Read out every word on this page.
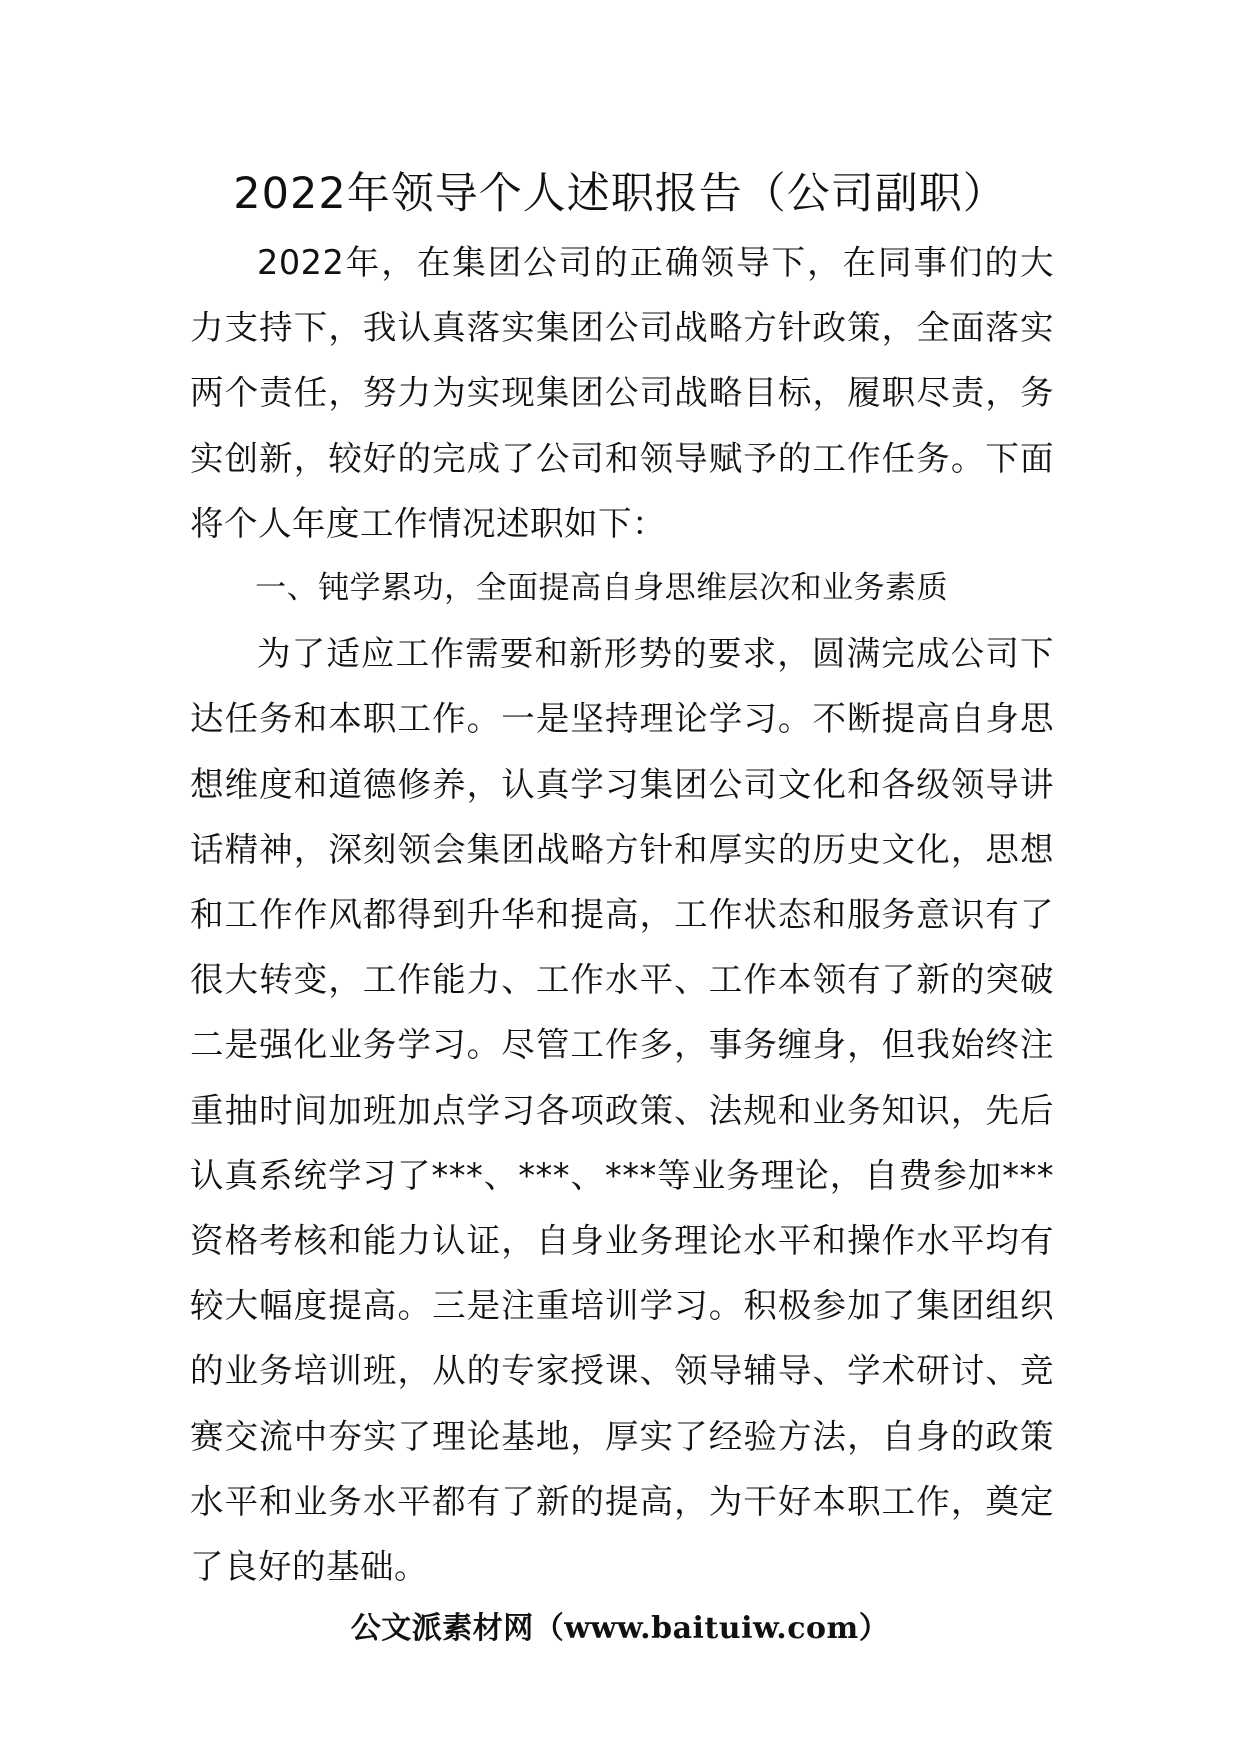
2022年领导个人述职报告（公司副职）

2022年，在集团公司的正确领导下，在同事们的大力支持下，我认真落实集团公司战略方针政策，全面落实两个责任，努力为实现集团公司战略目标，履职尽责，务实创新，较好的完成了公司和领导赋予的工作任务。下面将个人年度工作情况述职如下：

一、钝学累功，全面提高自身思维层次和业务素质

为了适应工作需要和新形势的要求，圆满完成公司下达任务和本职工作。一是坚持理论学习。不断提高自身思想维度和道德修养，认真学习集团公司文化和各级领导讲话精神，深刻领会集团战略方针和厚实的历史文化，思想和工作作风都得到升华和提高，工作状态和服务意识有了很大转变，工作能力、工作水平、工作本领有了新的突破二是强化业务学习。尽管工作多，事务缠身，但我始终注重抽时间加班加点学习各项政策、法规和业务知识，先后认真系统学习了***、***、***等业务理论，自费参加***资格考核和能力认证，自身业务理论水平和操作水平均有较大幅度提高。三是注重培训学习。积极参加了集团组织的业务培训班，从的专家授课、领导辅导、学术研讨、竞赛交流中夯实了理论基地，厚实了经验方法，自身的政策水平和业务水平都有了新的提高，为干好本职工作，奠定了良好的基础。

公文派素材网（www.baituiw.com）
